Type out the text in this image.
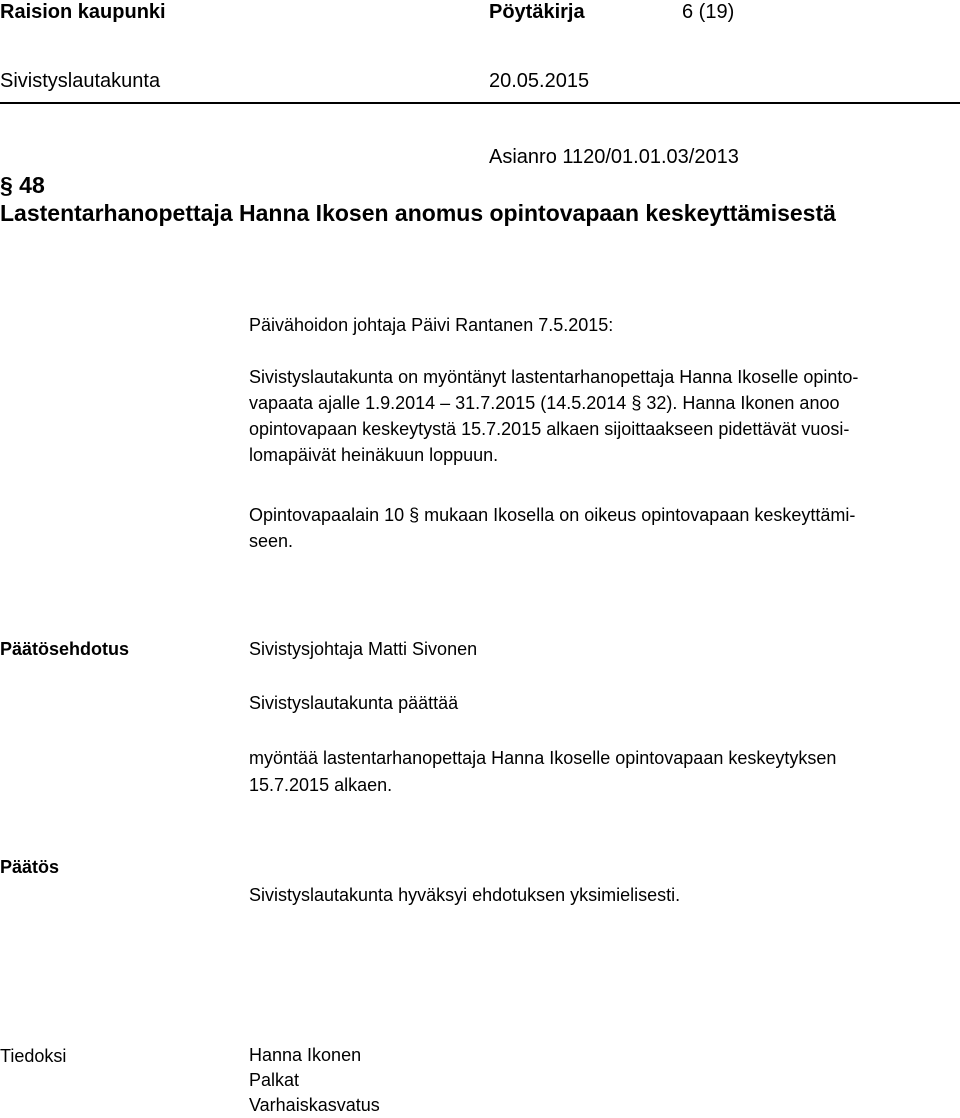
Raision kaupunki	Pöytäkirja	6 (19)
Sivistyslautakunta	20.05.2015
Asianro 1120/01.01.03/2013
§ 48
Lastentarhanopettaja Hanna Ikosen anomus opintovapaan keskeyttämisestä
Päivähoidon johtaja Päivi Rantanen 7.5.2015:
Sivistyslautakunta on myöntänyt lastentarhanopettaja Hanna Ikoselle opinto-
vapaata ajalle 1.9.2014 – 31.7.2015 (14.5.2014 § 32). Hanna Ikonen anoo
opintovapaan keskeytystä 15.7.2015 alkaen sijoittaakseen pidettävät vuosi-
lomapäivät heinäkuun loppuun.
Opintovapaalain 10 § mukaan Ikosella on oikeus opintovapaan keskeyttämi-
seen.
Päätösehdotus	Sivistysjohtaja Matti Sivonen
Sivistyslautakunta päättää
myöntää lastentarhanopettaja Hanna Ikoselle opintovapaan keskeytyksen
15.7.2015 alkaen.
Päätös
Sivistyslautakunta hyväksyi ehdotuksen yksimielisesti.
Tiedoksi	Hanna Ikonen
Palkat
Varhaiskasvatus
